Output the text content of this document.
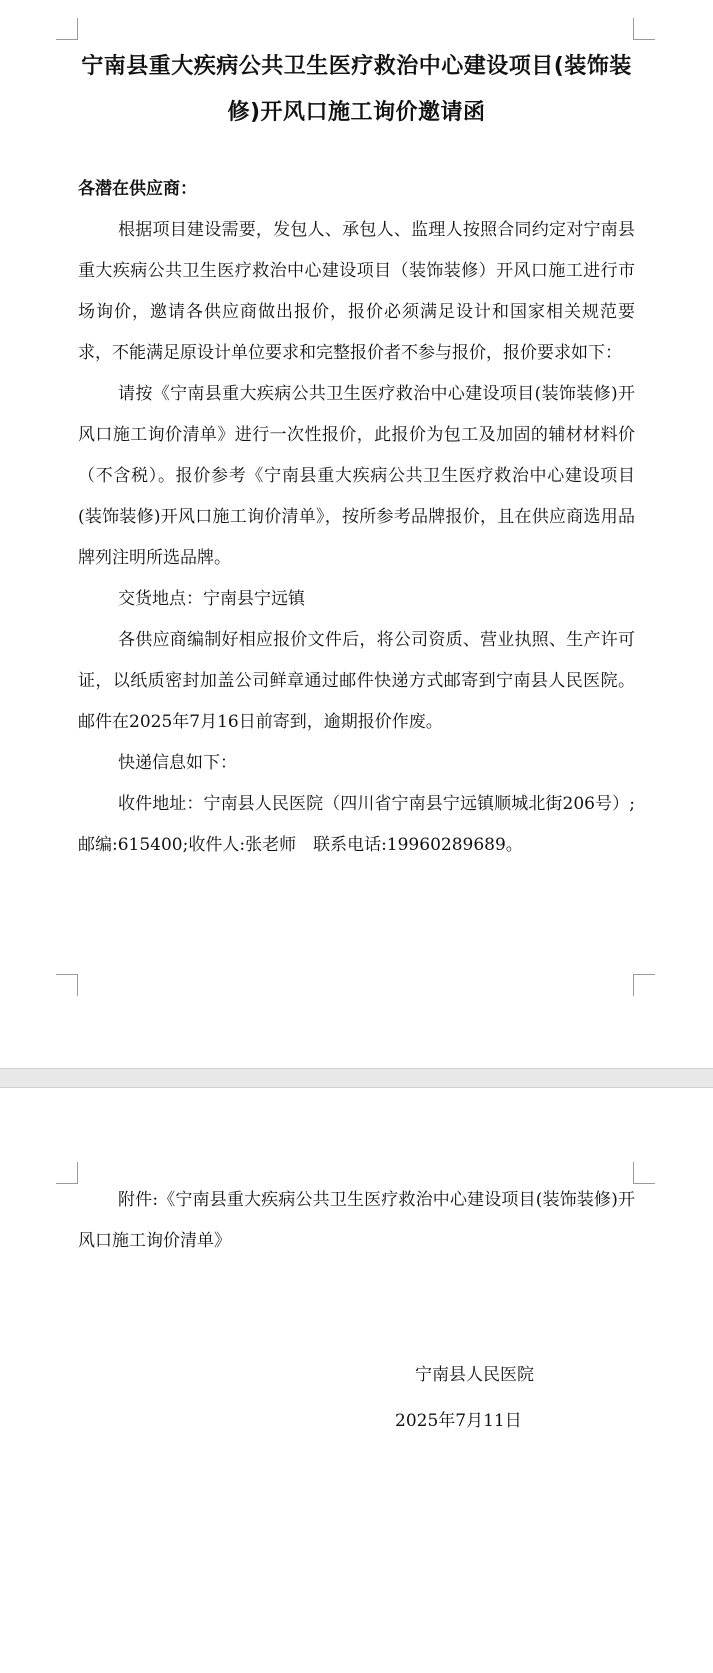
宁南县重大疾病公共卫生医疗救治中心建设项目(装饰装修)开风口施工询价邀请函

各潜在供应商：

根据项目建设需要，发包人、承包人、监理人按照合同约定对宁南县重大疾病公共卫生医疗救治中心建设项目（装饰装修）开风口施工进行市场询价，邀请各供应商做出报价，报价必须满足设计和国家相关规范要求，不能满足原设计单位要求和完整报价者不参与报价，报价要求如下：

请按《宁南县重大疾病公共卫生医疗救治中心建设项目(装饰装修)开风口施工询价清单》进行一次性报价，此报价为包工及加固的辅材材料价（不含税）。报价参考《宁南县重大疾病公共卫生医疗救治中心建设项目(装饰装修)开风口施工询价清单》，按所参考品牌报价，且在供应商选用品牌列注明所选品牌。

交货地点：宁南县宁远镇

各供应商编制好相应报价文件后，将公司资质、营业执照、生产许可证，以纸质密封加盖公司鲜章通过邮件快递方式邮寄到宁南县人民医院。邮件在2025年7月16日前寄到，逾期报价作废。

快递信息如下：

收件地址：宁南县人民医院（四川省宁南县宁远镇顺城北街206号）;邮编:615400;收件人:张老师　联系电话:19960289689。

附件:《宁南县重大疾病公共卫生医疗救治中心建设项目(装饰装修)开风口施工询价清单》

宁南县人民医院

2025年7月11日
